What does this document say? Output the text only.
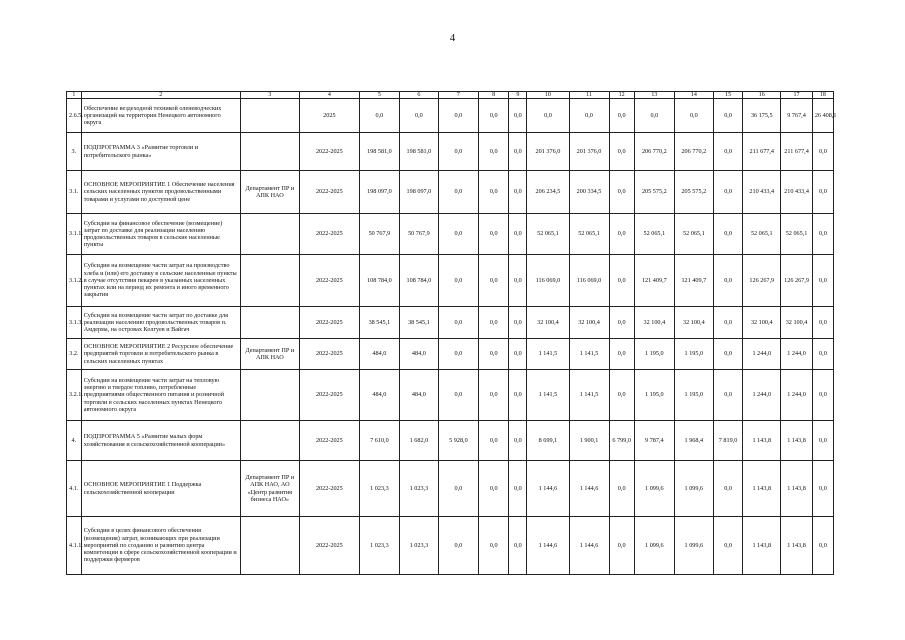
4
1	2	3	4	5	6	7	8	9	10	11	12	13	14	15	16	17	18
2.6.5.	Обеспечение вездеходной техникой оленеводческих организаций на территории Ненецкого автономного округа		2025	0,0	0,0	0,0	0,0	0,0	0,0	0,0	0,0	0,0	0,0	0,0	36 175,5	9 767,4	26 408,1
3.	ПОДПРОГРАММА 3 «Развитие торговли и потребительского рынка»		2022-2025	198 581,0	198 581,0	0,0	0,0	0,0	201 376,0	201 376,0	0,0	206 770,2	206 770,2	0,0	211 677,4	211 677,4	0,0
3.1.	ОСНОВНОЕ МЕРОПРИЯТИЕ 1 Обеспечение населения сельских населенных пунктов продовольственными товарами и услугами по доступной цене	Департамент ПР и АПК НАО	2022-2025	198 097,0	198 097,0	0,0	0,0	0,0	206 234,5	200 334,5	0,0	205 575,2	205 575,2	0,0	210 433,4	210 433,4	0,0
3.1.1.	Субсидии на финансовое обеспечение (возмещение) затрат по доставке для реализации населению продовольственных товаров в сельские населенные пункты		2022-2025	50 767,9	50 767,9	0,0	0,0	0,0	52 065,1	52 065,1	0,0	52 065,1	52 065,1	0,0	52 065,1	52 065,1	0,0
3.1.2.	Субсидии на возмещение части затрат на производство хлеба и (или) его доставку в сельские населенные пункты в случае отсутствия пекарен в указанных населенных пунктах или на период их ремонта и иного временного закрытия		2022-2025	108 784,0	108 784,0	0,0	0,0	0,0	116 069,0	116 069,0	0,0	121 409,7	121 409,7	0,0	126 267,9	126 267,9	0,0
3.1.3.	Субсидии на возмещение части затрат по доставке для реализации населению продовольственных товаров п. Амдерма, на островах Колгуев и Вайгач		2022-2025	38 545,1	38 545,1	0,0	0,0	0,0	32 100,4	32 100,4	0,0	32 100,4	32 100,4	0,0	32 100,4	32 100,4	0,0
3.2.	ОСНОВНОЕ МЕРОПРИЯТИЕ 2 Ресурсное обеспечение предприятий торговли и потребительского рынка в сельских населенных пунктах	Департамент ПР и АПК НАО	2022-2025	484,0	484,0	0,0	0,0	0,0	1 141,5	1 141,5	0,0	1 195,0	1 195,0	0,0	1 244,0	1 244,0	0,0
3.2.1.	Субсидии на возмещение части затрат на тепловую энергию и твердое топливо, потребленные предприятиями общественного питания и розничной торговли в сельских населенных пунктах Ненецкого автономного округа		2022-2025	484,0	484,0	0,0	0,0	0,0	1 141,5	1 141,5	0,0	1 195,0	1 195,0	0,0	1 244,0	1 244,0	0,0
4.	ПОДПРОГРАММА 5 «Развитие малых форм хозяйствования и сельскохозяйственной кооперации»		2022-2025	7 610,0	1 682,0	5 928,0	0,0	0,0	8 699,1	1 900,1	6 799,0	9 787,4	1 968,4	7 819,0	1 143,8	1 143,8	0,0
4.1.	ОСНОВНОЕ МЕРОПРИЯТИЕ 1 Поддержка сельскохозяйственной кооперации	Департамент ПР и АПК НАО, АО «Центр развития бизнеса НАО»	2022-2025	1 023,3	1 023,3	0,0	0,0	0,0	1 144,6	1 144,6	0,0	1 099,6	1 099,6	0,0	1 143,8	1 143,8	0,0
4.1.1.	Субсидии в целях финансового обеспечения (возмещения) затрат, возникающих при реализации мероприятий по созданию и развитию центра компетенции в сфере сельскохозяйственной кооперации и поддержки фермеров		2022-2025	1 023,3	1 023,3	0,0	0,0	0,0	1 144,6	1 144,6	0,0	1 099,6	1 099,6	0,0	1 143,8	1 143,8	0,0
